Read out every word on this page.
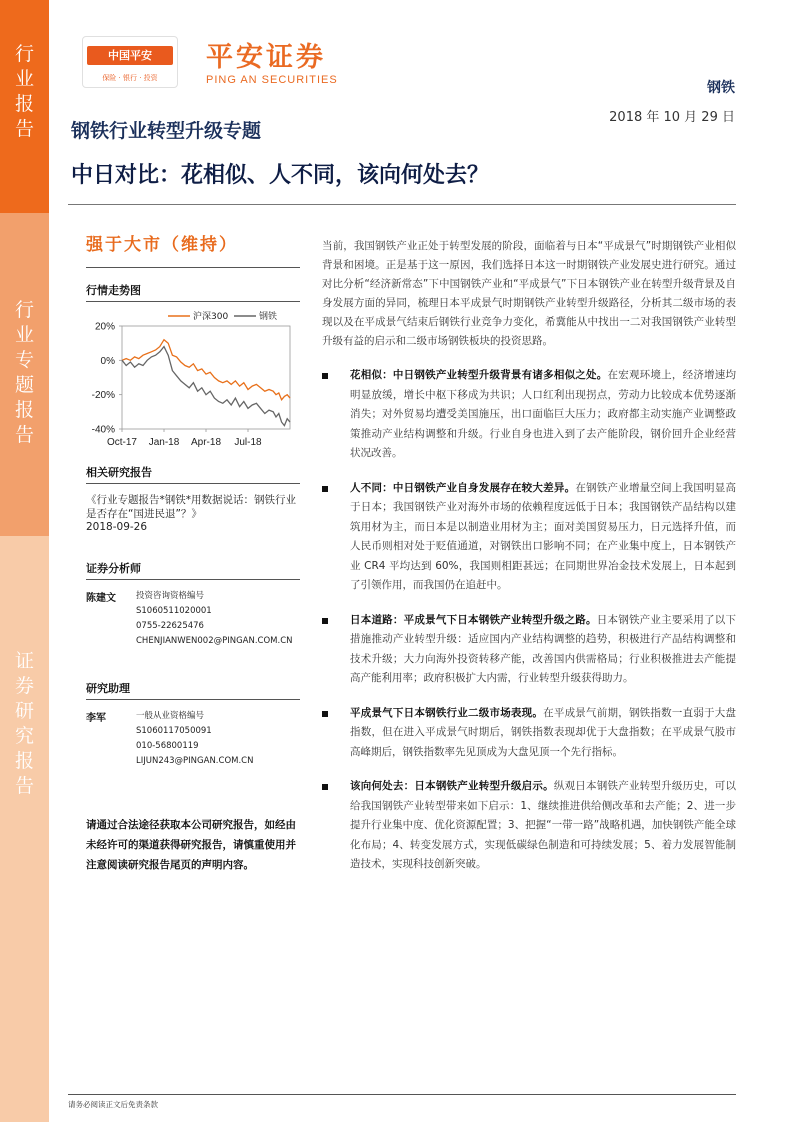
行业报告
行业专题报告
证券研究报告
中国平安
保险 · 银行 · 投资
平安证券
PING AN SECURITIES	钢铁
2018 年 10 月 29 日
钢铁行业转型升级专题
中日对比：花相似、人不同，该向何处去？
强于大市（维持）
行情走势图
20%
0%
-20%
-40%
Oct-17 Jan-18 Apr-18 Jul-18
沪深300	钢铁
相关研究报告
《行业专题报告*钢铁*用数据说话：钢铁行业是否存在“国进民退”？》
2018-09-26
证券分析师
陈建文	投资咨询资格编号
S1060511020001
0755-22625476
CHENJIANWEN002@PINGAN.COM.CN
研究助理
李军	一般从业资格编号
S1060117050091
010-56800119
LIJUN243@PINGAN.COM.CN
请通过合法途径获取本公司研究报告，如经由未经许可的渠道获得研究报告，请慎重使用并注意阅读研究报告尾页的声明内容。

当前，我国钢铁产业正处于转型发展的阶段，面临着与日本“平成景气”时期钢铁产业相似背景和困境。正是基于这一原因，我们选择日本这一时期钢铁产业发展史进行研究。通过对比分析“经济新常态”下中国钢铁产业和“平成景气”下日本钢铁产业在转型升级背景及自身发展方面的异同，梳理日本平成景气时期钢铁产业转型升级路径，分析其二级市场的表现以及在平成景气结束后钢铁行业竞争力变化，希冀能从中找出一二对我国钢铁产业转型升级有益的启示和二级市场钢铁板块的投资思路。

花相似：中日钢铁产业转型升级背景有诸多相似之处。在宏观环境上，经济增速均明显放缓，增长中枢下移成为共识；人口红利出现拐点，劳动力比较成本优势逐渐消失；对外贸易均遭受美国施压，出口面临巨大压力；政府都主动实施产业调整政策推动产业结构调整和升级。行业自身也进入到了去产能阶段，钢价回升企业经营状况改善。
人不同：中日钢铁产业自身发展存在较大差异。在钢铁产业增量空间上我国明显高于日本；我国钢铁产业对海外市场的依赖程度远低于日本；我国钢铁产品结构以建筑用材为主，而日本是以制造业用材为主；面对美国贸易压力，日元选择升值，而人民币则相对处于贬值通道，对钢铁出口影响不同；在产业集中度上，日本钢铁产业 CR4 平均达到 60%，我国则相距甚远；在同期世界冶金技术发展上，日本起到了引领作用，而我国仍在追赶中。
日本道路：平成景气下日本钢铁产业转型升级之路。日本钢铁产业主要采用了以下措施推动产业转型升级：适应国内产业结构调整的趋势，积极进行产品结构调整和技术升级；大力向海外投资转移产能，改善国内供需格局；行业积极推进去产能提高产能利用率；政府积极扩大内需，行业转型升级获得助力。
平成景气下日本钢铁行业二级市场表现。在平成景气前期，钢铁指数一直弱于大盘指数，但在进入平成景气时期后，钢铁指数表现却优于大盘指数；在平成景气股市高峰期后，钢铁指数率先见顶成为大盘见顶一个先行指标。
该向何处去：日本钢铁产业转型升级启示。纵观日本钢铁产业转型升级历史，可以给我国钢铁产业转型带来如下启示：1、继续推进供给侧改革和去产能；2、进一步提升行业集中度、优化资源配置；3、把握“一带一路”战略机遇，加快钢铁产能全球化布局；4、转变发展方式，实现低碳绿色制造和可持续发展；5、着力发展智能制造技术，实现科技创新突破。
请务必阅读正文后免责条款
